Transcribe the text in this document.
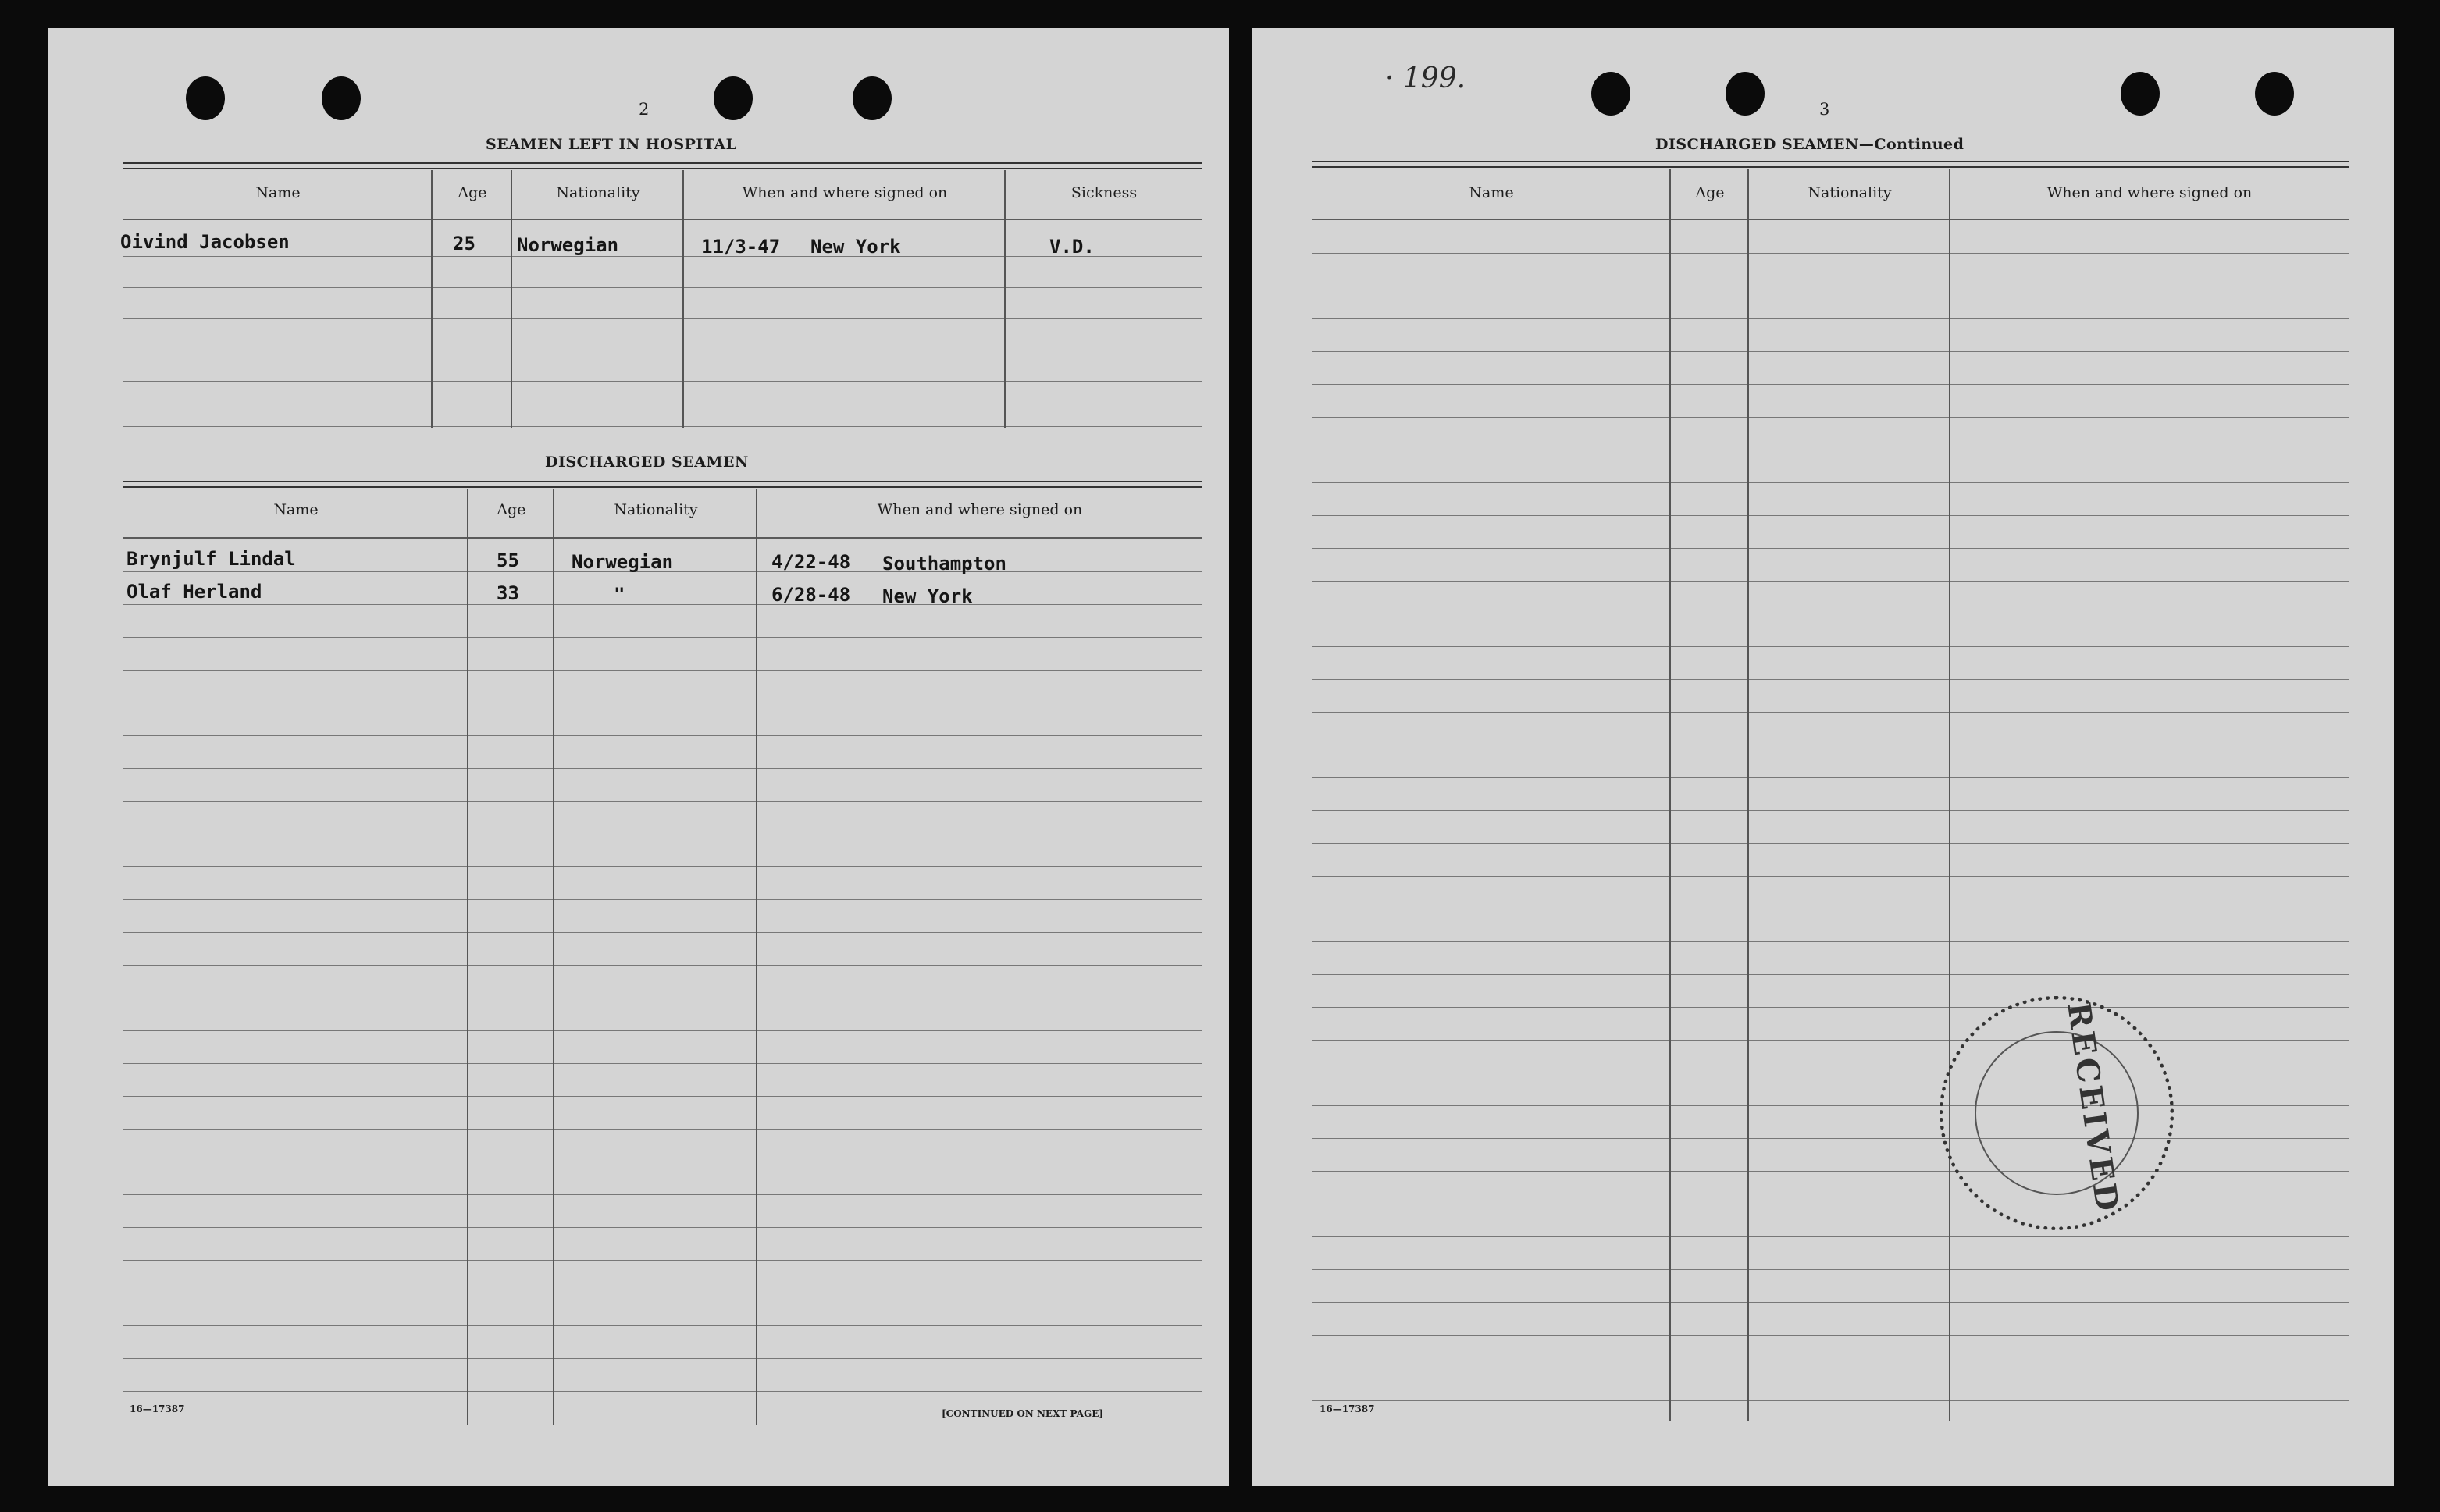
2
SEAMEN LEFT IN HOSPITAL
Name	Age	Nationality	When and where signed on	Sickness
Oivind Jacobsen	25 Norwegian	11/3-47 New York	V.D.
DISCHARGED SEAMEN
Name	Age	Nationality	When and where signed on
Brynjulf Lindal	55	Norwegian	4/22-48 Southampton
Olaf Herland	33	"	6/28-48 New York
16—17387	[CONTINUED ON NEXT PAGE]
· 199.
3
DISCHARGED SEAMEN—Continued
Name	Age	Nationality	When and where signed on
RECEIVED
16—17387
